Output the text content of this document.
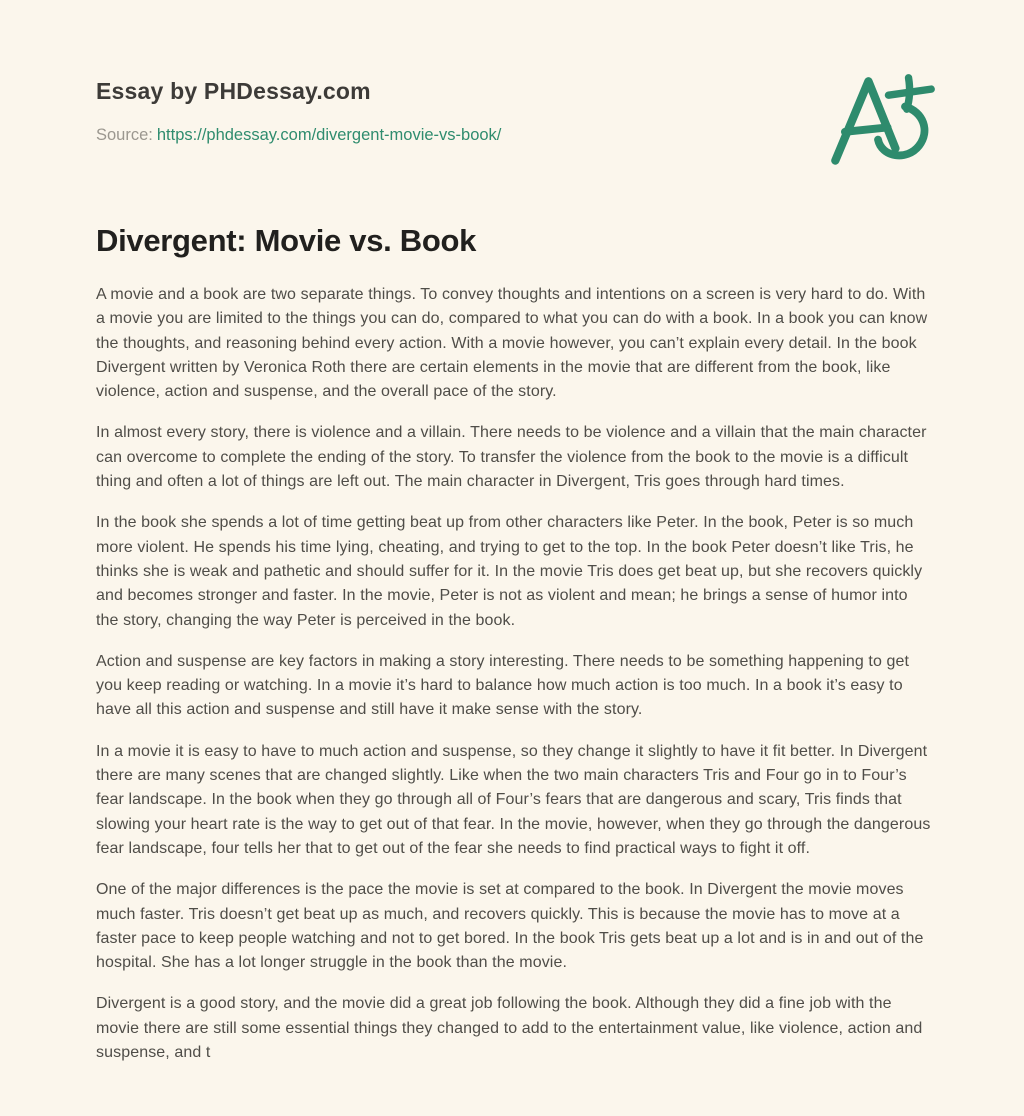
Essay by PHDessay.com
Source: https://phdessay.com/divergent-movie-vs-book/
Divergent: Movie vs. Book

A movie and a book are two separate things. To convey thoughts and intentions on a screen is very hard to do. With a movie you are limited to the things you can do, compared to what you can do with a book. In a book you can know the thoughts, and reasoning behind every action. With a movie however, you can’t explain every detail. In the book Divergent written by Veronica Roth there are certain elements in the movie that are different from the book, like violence, action and suspense, and the overall pace of the story.

In almost every story, there is violence and a villain. There needs to be violence and a villain that the main character can overcome to complete the ending of the story. To transfer the violence from the book to the movie is a difficult thing and often a lot of things are left out. The main character in Divergent, Tris goes through hard times.

In the book she spends a lot of time getting beat up from other characters like Peter. In the book, Peter is so much more violent. He spends his time lying, cheating, and trying to get to the top. In the book Peter doesn’t like Tris, he thinks she is weak and pathetic and should suffer for it. In the movie Tris does get beat up, but she recovers quickly and becomes stronger and faster. In the movie, Peter is not as violent and mean; he brings a sense of humor into the story, changing the way Peter is perceived in the book.

Action and suspense are key factors in making a story interesting. There needs to be something happening to get you keep reading or watching. In a movie it’s hard to balance how much action is too much. In a book it’s easy to have all this action and suspense and still have it make sense with the story.

In a movie it is easy to have to much action and suspense, so they change it slightly to have it fit better. In Divergent there are many scenes that are changed slightly. Like when the two main characters Tris and Four go in to Four’s fear landscape. In the book when they go through all of Four’s fears that are dangerous and scary, Tris finds that slowing your heart rate is the way to get out of that fear. In the movie, however, when they go through the dangerous fear landscape, four tells her that to get out of the fear she needs to find practical ways to fight it off.

One of the major differences is the pace the movie is set at compared to the book. In Divergent the movie moves much faster. Tris doesn’t get beat up as much, and recovers quickly. This is because the movie has to move at a faster pace to keep people watching and not to get bored. In the book Tris gets beat up a lot and is in and out of the hospital. She has a lot longer struggle in the book than the movie.

Divergent is a good story, and the movie did a great job following the book. Although they did a fine job with the movie there are still some essential things they changed to add to the entertainment value, like violence, action and suspense, and t
